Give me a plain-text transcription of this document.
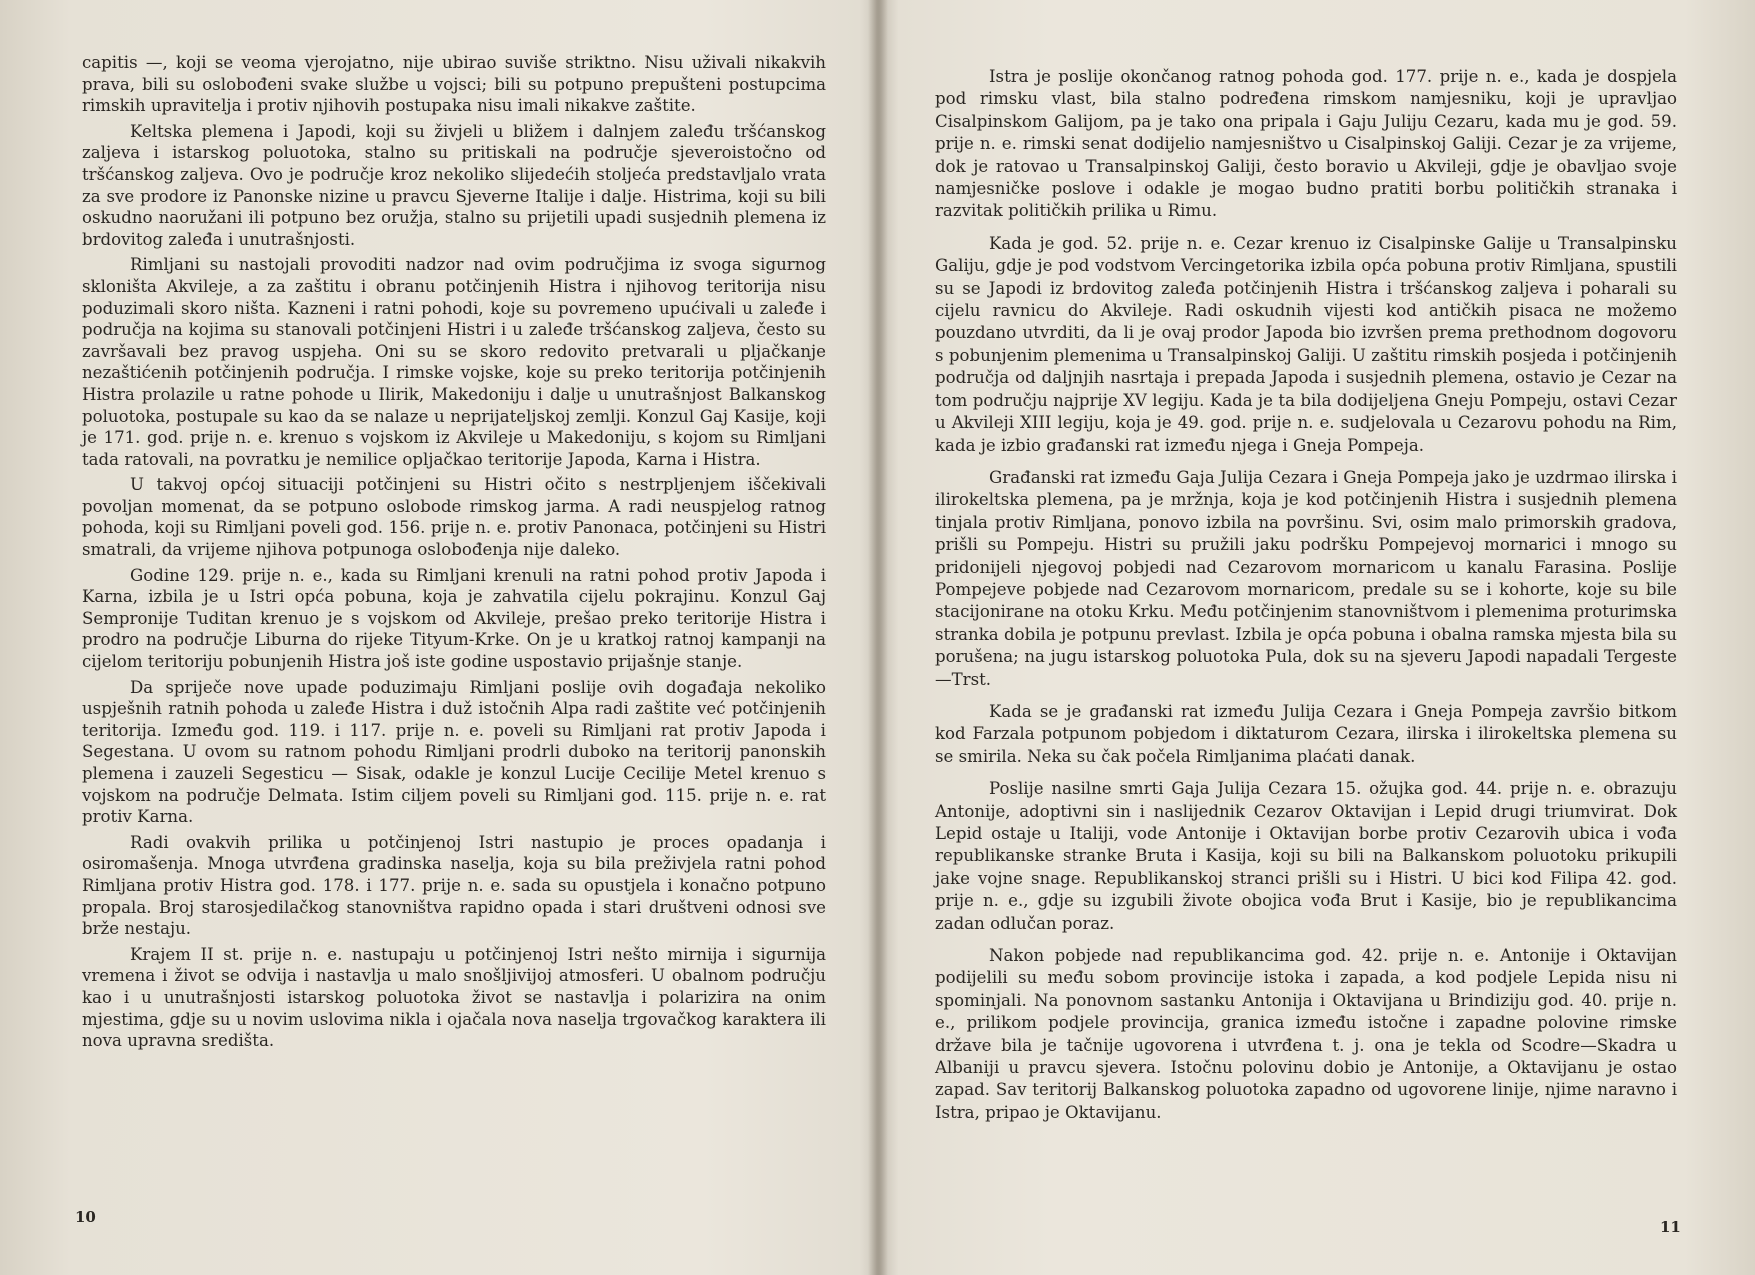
capitis —, koji se veoma vjerojatno, nije ubirao suviše striktno. Nisu uživali nikakvih prava, bili su oslobođeni svake službe u vojsci; bili su potpuno prepušteni postupcima rimskih upravitelja i protiv njihovih postupaka nisu imali nikakve zaštite.

Keltska plemena i Japodi, koji su živjeli u bližem i dalnjem zaleđu tršćanskog zaljeva i istarskog poluotoka, stalno su pritiskali na područje sjeveroistočno od tršćanskog zaljeva. Ovo je područje kroz nekoliko slijedećih stoljeća predstavljalo vrata za sve prodore iz Panonske nizine u pravcu Sjeverne Italije i dalje. Histrima, koji su bili oskudno naoružani ili potpuno bez oružja, stalno su prijetili upadi susjednih plemena iz brdovitog zaleđa i unutrašnjosti.

Rimljani su nastojali provoditi nadzor nad ovim područjima iz svoga sigurnog skloništa Akvileje, a za zaštitu i obranu potčinjenih Histra i njihovog teritorija nisu poduzimali skoro ništa. Kazneni i ratni pohodi, koje su povremeno upućivali u zaleđe i područja na kojima su stanovali potčinjeni Histri i u zaleđe tršćanskog zaljeva, često su završavali bez pravog uspjeha. Oni su se skoro redovito pretvarali u pljačkanje nezaštićenih potčinjenih područja. I rimske vojske, koje su preko teritorija potčinjenih Histra prolazile u ratne pohode u Ilirik, Makedoniju i dalje u unutrašnjost Balkanskog poluotoka, postupale su kao da se nalaze u neprijateljskoj zemlji. Konzul Gaj Kasije, koji je 171. god. prije n. e. krenuo s vojskom iz Akvileje u Makedoniju, s kojom su Rimljani tada ratovali, na povratku je nemilice opljačkao teritorije Japoda, Karna i Histra.

U takvoj općoj situaciji potčinjeni su Histri očito s nestrpljenjem iščekivali povoljan momenat, da se potpuno oslobode rimskog jarma. A radi neuspjelog ratnog pohoda, koji su Rimljani poveli god. 156. prije n. e. protiv Panonaca, potčinjeni su Histri smatrali, da vrijeme njihova potpunoga oslobođenja nije daleko.

Godine 129. prije n. e., kada su Rimljani krenuli na ratni pohod protiv Japoda i Karna, izbila je u Istri opća pobuna, koja je zahvatila cijelu pokrajinu. Konzul Gaj Sempronije Tuditan krenuo je s vojskom od Akvileje, prešao preko teritorije Histra i prodro na područje Liburna do rijeke Tityum-Krke. On je u kratkoj ratnoj kampanji na cijelom teritoriju pobunjenih Histra još iste godine uspostavio prijašnje stanje.

Da spriječe nove upade poduzimaju Rimljani poslije ovih događaja nekoliko uspješnih ratnih pohoda u zaleđe Histra i duž istočnih Alpa radi zaštite već potčinjenih teritorija. Između god. 119. i 117. prije n. e. poveli su Rimljani rat protiv Japoda i Segestana. U ovom su ratnom pohodu Rimljani prodrli duboko na teritorij panonskih plemena i zauzeli Segesticu — Sisak, odakle je konzul Lucije Cecilije Metel krenuo s vojskom na područje Delmata. Istim ciljem poveli su Rimljani god. 115. prije n. e. rat protiv Karna.

Radi ovakvih prilika u potčinjenoj Istri nastupio je proces opadanja i osiromašenja. Mnoga utvrđena gradinska naselja, koja su bila preživjela ratni pohod Rimljana protiv Histra god. 178. i 177. prije n. e. sada su opustjela i konačno potpuno propala. Broj starosjedilačkog stanovništva rapidno opada i stari društveni odnosi sve brže nestaju.

Krajem II st. prije n. e. nastupaju u potčinjenoj Istri nešto mirnija i sigurnija vremena i život se odvija i nastavlja u malo snošljivijoj atmosferi. U obalnom području kao i u unutrašnjosti istarskog poluotoka život se nastavlja i polarizira na onim mjestima, gdje su u novim uslovima nikla i ojačala nova naselja trgovačkog karaktera ili nova upravna središta.

10

Istra je poslije okončanog ratnog pohoda god. 177. prije n. e., kada je dospjela pod rimsku vlast, bila stalno podređena rimskom namjesniku, koji je upravljao Cisalpinskom Galijom, pa je tako ona pripala i Gaju Juliju Cezaru, kada mu je god. 59. prije n. e. rimski senat dodijelio namjesništvo u Cisalpinskoj Galiji. Cezar je za vrijeme, dok je ratovao u Transalpinskoj Galiji, često boravio u Akvileji, gdje je obavljao svoje namjesničke poslove i odakle je mogao budno pratiti borbu političkih stranaka i razvitak političkih prilika u Rimu.

Kada je god. 52. prije n. e. Cezar krenuo iz Cisalpinske Galije u Transalpinsku Galiju, gdje je pod vodstvom Vercingetorika izbila opća pobuna protiv Rimljana, spustili su se Japodi iz brdovitog zaleđa potčinjenih Histra i tršćanskog zaljeva i poharali su cijelu ravnicu do Akvileje. Radi oskudnih vijesti kod antičkih pisaca ne možemo pouzdano utvrditi, da li je ovaj prodor Japoda bio izvršen prema prethodnom dogovoru s pobunjenim plemenima u Transalpinskoj Galiji. U zaštitu rimskih posjeda i potčinjenih područja od daljnjih nasrtaja i prepada Japoda i susjednih plemena, ostavio je Cezar na tom području najprije XV legiju. Kada je ta bila dodijeljena Gneju Pompeju, ostavi Cezar u Akvileji XIII legiju, koja je 49. god. prije n. e. sudjelovala u Cezarovu pohodu na Rim, kada je izbio građanski rat između njega i Gneja Pompeja.

Građanski rat između Gaja Julija Cezara i Gneja Pompeja jako je uzdrmao ilirska i ilirokeltska plemena, pa je mržnja, koja je kod potčinjenih Histra i susjednih plemena tinjala protiv Rimljana, ponovo izbila na površinu. Svi, osim malo primorskih gradova, prišli su Pompeju. Histri su pružili jaku podršku Pompejevoj mornarici i mnogo su pridonijeli njegovoj pobjedi nad Cezarovom mornaricom u kanalu Farasina. Poslije Pompejeve pobjede nad Cezarovom mornaricom, predale su se i kohorte, koje su bile stacijonirane na otoku Krku. Među potčinjenim stanovništvom i plemenima proturimska stranka dobila je potpunu prevlast. Izbila je opća pobuna i obalna ramska mjesta bila su porušena; na jugu istarskog poluotoka Pula, dok su na sjeveru Japodi napadali Tergeste—Trst.

Kada se je građanski rat između Julija Cezara i Gneja Pompeja završio bitkom kod Farzala potpunom pobjedom i diktaturom Cezara, ilirska i ilirokeltska plemena su se smirila. Neka su čak počela Rimljanima plaćati danak.

Poslije nasilne smrti Gaja Julija Cezara 15. ožujka god. 44. prije n. e. obrazuju Antonije, adoptivni sin i naslijednik Cezarov Oktavijan i Lepid drugi triumvirat. Dok Lepid ostaje u Italiji, vode Antonije i Oktavijan borbe protiv Cezarovih ubica i vođa republikanske stranke Bruta i Kasija, koji su bili na Balkanskom poluotoku prikupili jake vojne snage. Republikanskoj stranci prišli su i Histri. U bici kod Filipa 42. god. prije n. e., gdje su izgubili živote obojica vođa Brut i Kasije, bio je republikancima zadan odlučan poraz.

Nakon pobjede nad republikancima god. 42. prije n. e. Antonije i Oktavijan podijelili su među sobom provincije istoka i zapada, a kod podjele Lepida nisu ni spominjali. Na ponovnom sastanku Antonija i Oktavijana u Brindiziju god. 40. prije n. e., prilikom podjele provincija, granica između istočne i zapadne polovine rimske države bila je tačnije ugovorena i utvrđena t. j. ona je tekla od Scodre—Skadra u Albaniji u pravcu sjevera. Istočnu polovinu dobio je Antonije, a Oktavijanu je ostao zapad. Sav teritorij Balkanskog poluotoka zapadno od ugovorene linije, njime naravno i Istra, pripao je Oktavijanu.

11
